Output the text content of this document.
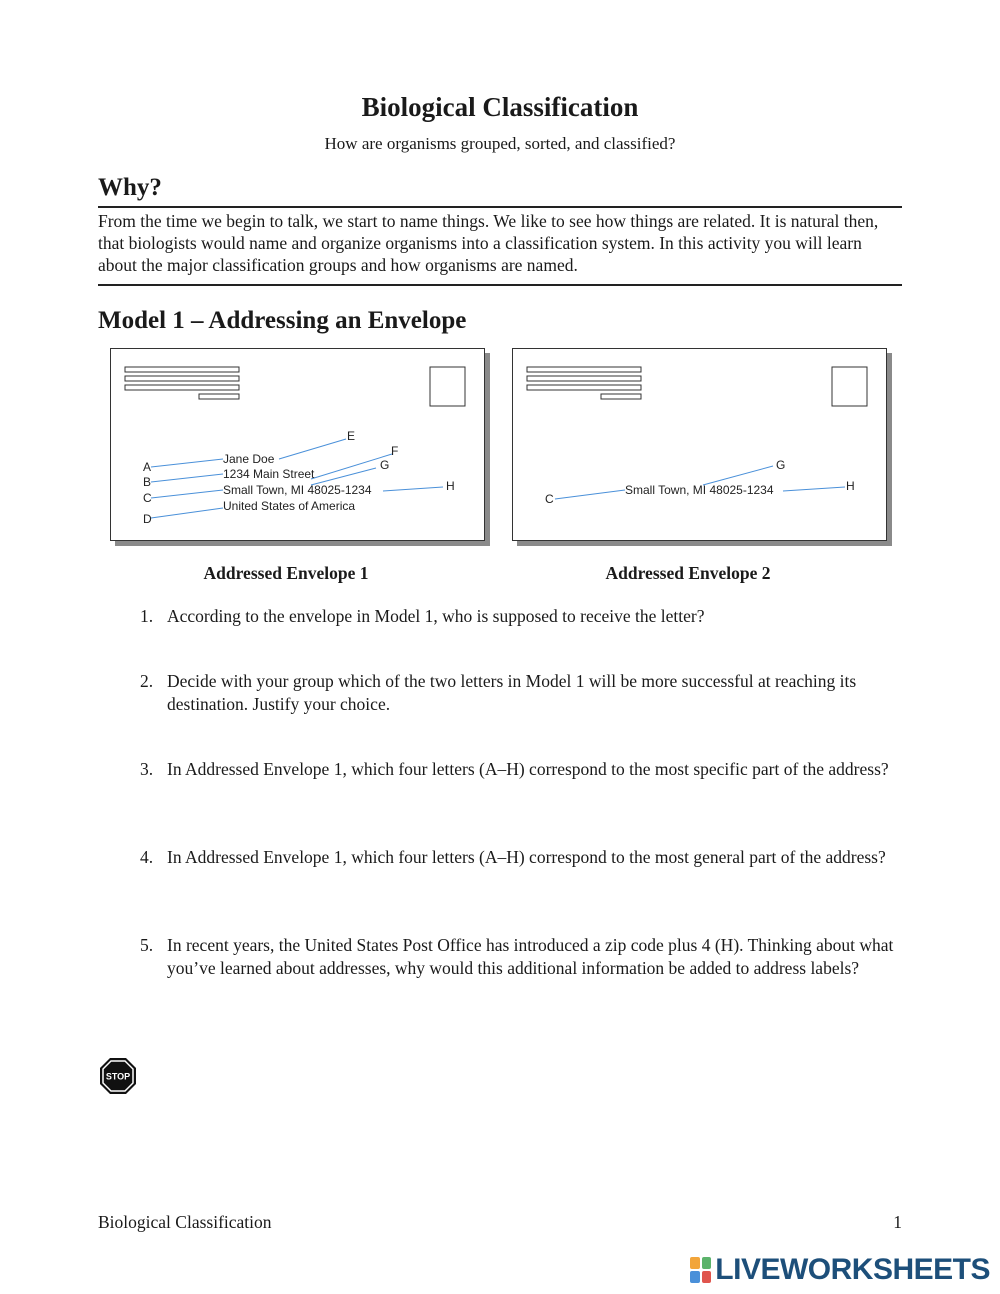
Biological Classification
How are organisms grouped, sorted, and classified?
Why?
From the time we begin to talk, we start to name things. We like to see how things are related. It is natural then, that biologists would name and organize organisms into a classification system. In this activity you will learn about the major classification groups and how organisms are named.
Model 1 – Addressing an Envelope
Jane Doe
1234 Main Street
Small Town, MI 48025-1234
United States of America
A
B
C
D
E
F
G
H	Small Town, MI 48025-1234
C
G
H
Addressed Envelope 1	Addressed Envelope 2
1. According to the envelope in Model 1, who is supposed to receive the letter?
2. Decide with your group which of the two letters in Model 1 will be more successful at reaching its destination. Justify your choice.
3. In Addressed Envelope 1, which four letters (A–H) correspond to the most specific part of the address?
4. In Addressed Envelope 1, which four letters (A–H) correspond to the most general part of the address?
5. In recent years, the United States Post Office has introduced a zip code plus 4 (H). Thinking about what you’ve learned about addresses, why would this additional information be added to address labels?
STOP
Biological Classification	1
LIVEWORKSHEETS
